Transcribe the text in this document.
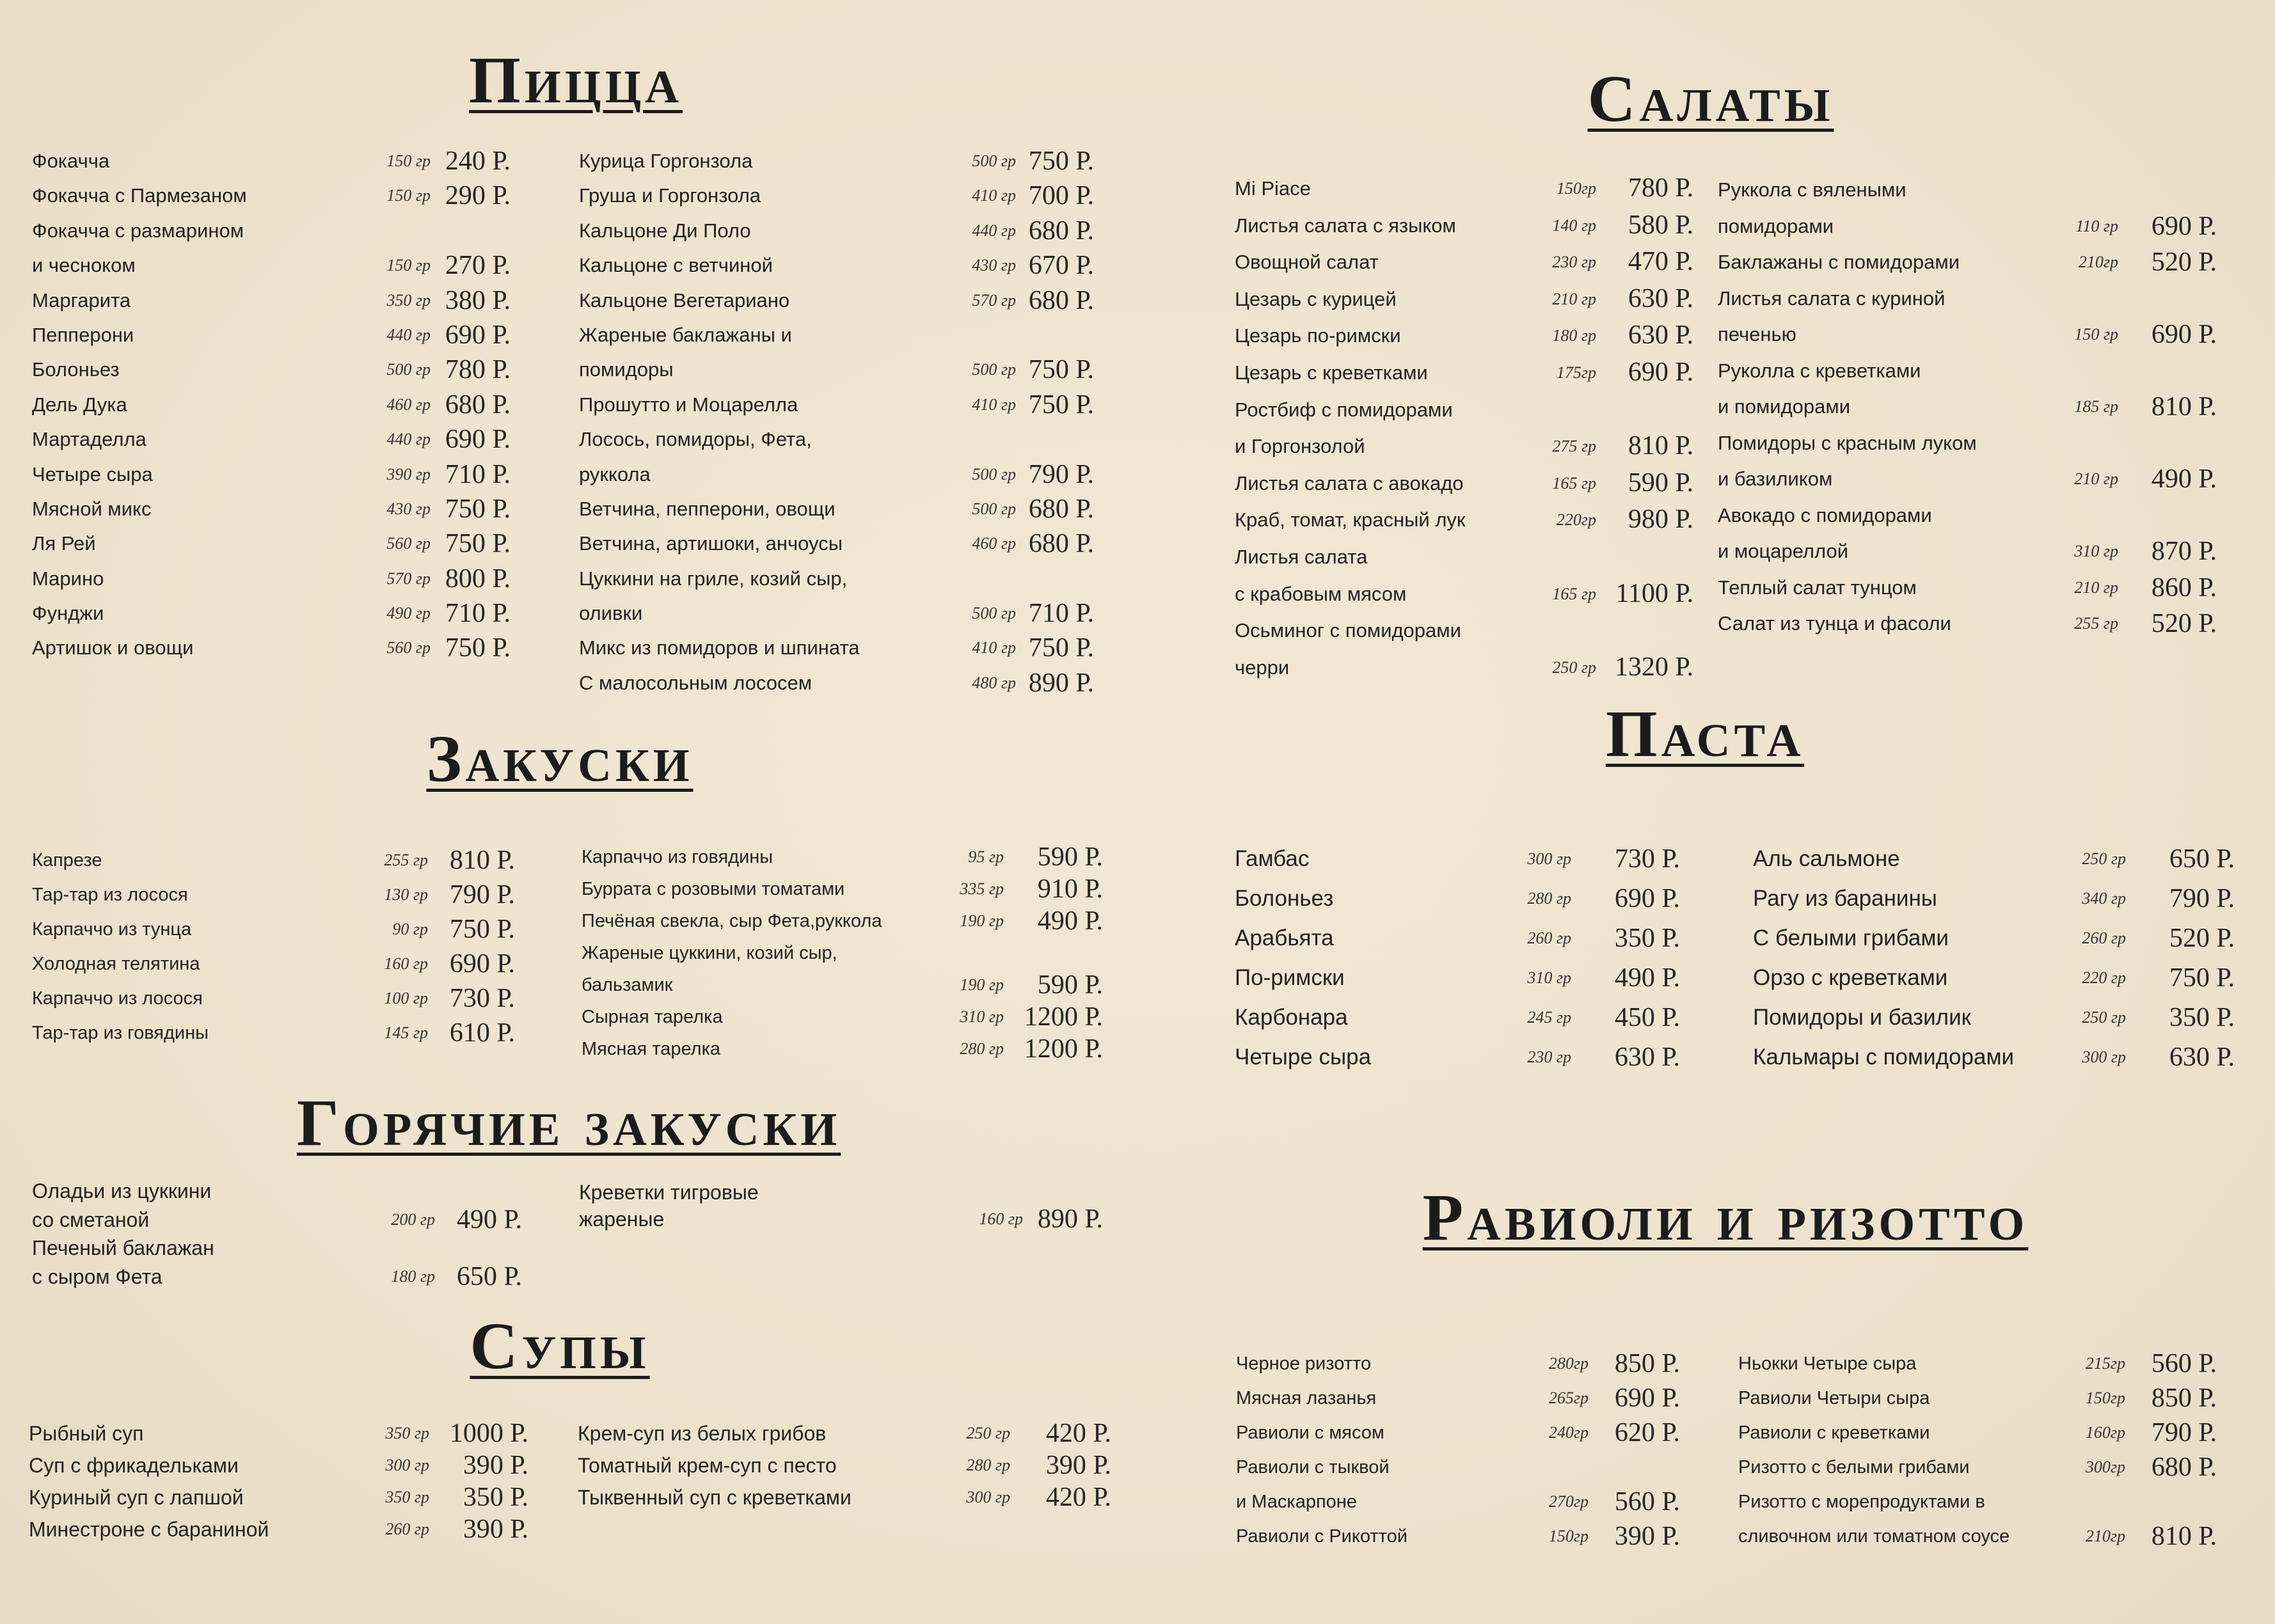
Пицца
Фокачча	150 гр 240 Р.
Фокачча с Пармезаном	150 гр 290 Р.
Фокачча с размарином
и чесноком	150 гр 270 Р.
Маргарита	350 гр 380 Р.
Пепперони	440 гр 690 Р.
Болоньез	500 гр 780 Р.
Дель Дука	460 гр 680 Р.
Мартаделла	440 гр 690 Р.
Четыре сыра	390 гр 710 Р.
Мясной микс	430 гр 750 Р.
Ля Рей	560 гр 750 Р.
Марино	570 гр 800 Р.
Фунджи	490 гр 710 Р.
Артишок и овощи	560 гр 750 Р.
Курица Горгонзола	500 гр 750 Р.
Груша и Горгонзола	410 гр 700 Р.
Кальцоне Ди Поло	440 гр 680 Р.
Кальцоне с ветчиной	430 гр 670 Р.
Кальцоне Вегетариано	570 гр 680 Р.
Жареные баклажаны и
помидоры	500 гр 750 Р.
Прошутто и Моцарелла	410 гр 750 Р.
Лосось, помидоры, Фета,
руккола	500 гр 790 Р.
Ветчина, пепперони, овощи	500 гр 680 Р.
Ветчина, артишоки, анчоусы	460 гр 680 Р.
Цуккини на гриле, козий сыр,
оливки	500 гр 710 Р.
Микс из помидоров и шпината	410 гр 750 Р.
С малосольным лососем	480 гр 890 Р.
Закуски
Капрезе	255 гр 810 Р.
Тар-тар из лосося	130 гр 790 Р.
Карпаччо из тунца	90 гр 750 Р.
Холодная телятина	160 гр 690 Р.
Карпаччо из лосося	100 гр 730 Р.
Тар-тар из говядины	145 гр 610 Р.
Карпаччо из говядины	95 гр 590 Р.
Буррата с розовыми томатами	335 гр 910 Р.
Печёная свекла, сыр Фета,руккола	190 гр 490 Р.
Жареные цуккини, козий сыр,
бальзамик	190 гр 590 Р.
Сырная тарелка	310 гр 1200 Р.
Мясная тарелка	280 гр 1200 Р.
Горячие закуски
Оладьи из цуккини
со сметаной	200 гр 490 Р.
Печеный баклажан
с сыром Фета	180 гр 650 Р.
Креветки тигровые
жареные	160 гр 890 Р.
Супы
Рыбный суп	350 гр 1000 Р.
Суп с фрикадельками	300 гр 390 Р.
Куриный суп с лапшой	350 гр 350 Р.
Минестроне с бараниной	260 гр 390 Р.
Крем-суп из белых грибов	250 гр 420 Р.
Томатный крем-суп с песто	280 гр 390 Р.
Тыквенный суп с креветками	300 гр 420 Р.
Салаты
Mi Piace	150гр 780 Р.
Листья салата с языком	140 гр 580 Р.
Овощной салат	230 гр 470 Р.
Цезарь с курицей	210 гр 630 Р.
Цезарь по-римски	180 гр 630 Р.
Цезарь с креветками	175гр 690 Р.
Ростбиф с помидорами
и Горгонзолой	275 гр 810 Р.
Листья салата с авокадо	165 гр 590 Р.
Краб, томат, красный лук	220гр 980 Р.
Листья салата
с крабовым мясом	165 гр 1100 Р.
Осьминог с помидорами
черри	250 гр 1320 Р.
Руккола с вялеными
помидорами	110 гр 690 Р.
Баклажаны с помидорами	210гр 520 Р.
Листья салата с куриной
печенью	150 гр 690 Р.
Руколла с креветками
и помидорами	185 гр 810 Р.
Помидоры с красным луком
и базиликом	210 гр 490 Р.
Авокадо с помидорами
и моцареллой	310 гр 870 Р.
Теплый салат тунцом	210 гр 860 Р.
Салат из тунца и фасоли	255 гр 520 Р.
Паста
Гамбас	300 гр 730 Р.
Болоньез	280 гр 690 Р.
Арабьята	260 гр 350 Р.
По-римски	310 гр 490 Р.
Карбонара	245 гр 450 Р.
Четыре сыра	230 гр 630 Р.
Аль сальмоне	250 гр 650 Р.
Рагу из баранины	340 гр 790 Р.
С белыми грибами	260 гр 520 Р.
Орзо с креветками	220 гр 750 Р.
Помидоры и базилик	250 гр 350 Р.
Кальмары с помидорами	300 гр 630 Р.
Равиоли и ризотто
Черное ризотто	280гр 850 Р.
Мясная лазанья	265гр 690 Р.
Равиоли с мясом	240гр 620 Р.
Равиоли с тыквой
и Маскарпоне	270гр 560 Р.
Равиоли с Рикоттой	150гр 390 Р.
Ньокки Четыре сыра	215гр 560 Р.
Равиоли Четыри сыра	150гр 850 Р.
Равиоли с креветками	160гр 790 Р.
Ризотто с белыми грибами	300гр 680 Р.
Ризотто с морепродуктами в
сливочном или томатном соусе	210гр 810 Р.
